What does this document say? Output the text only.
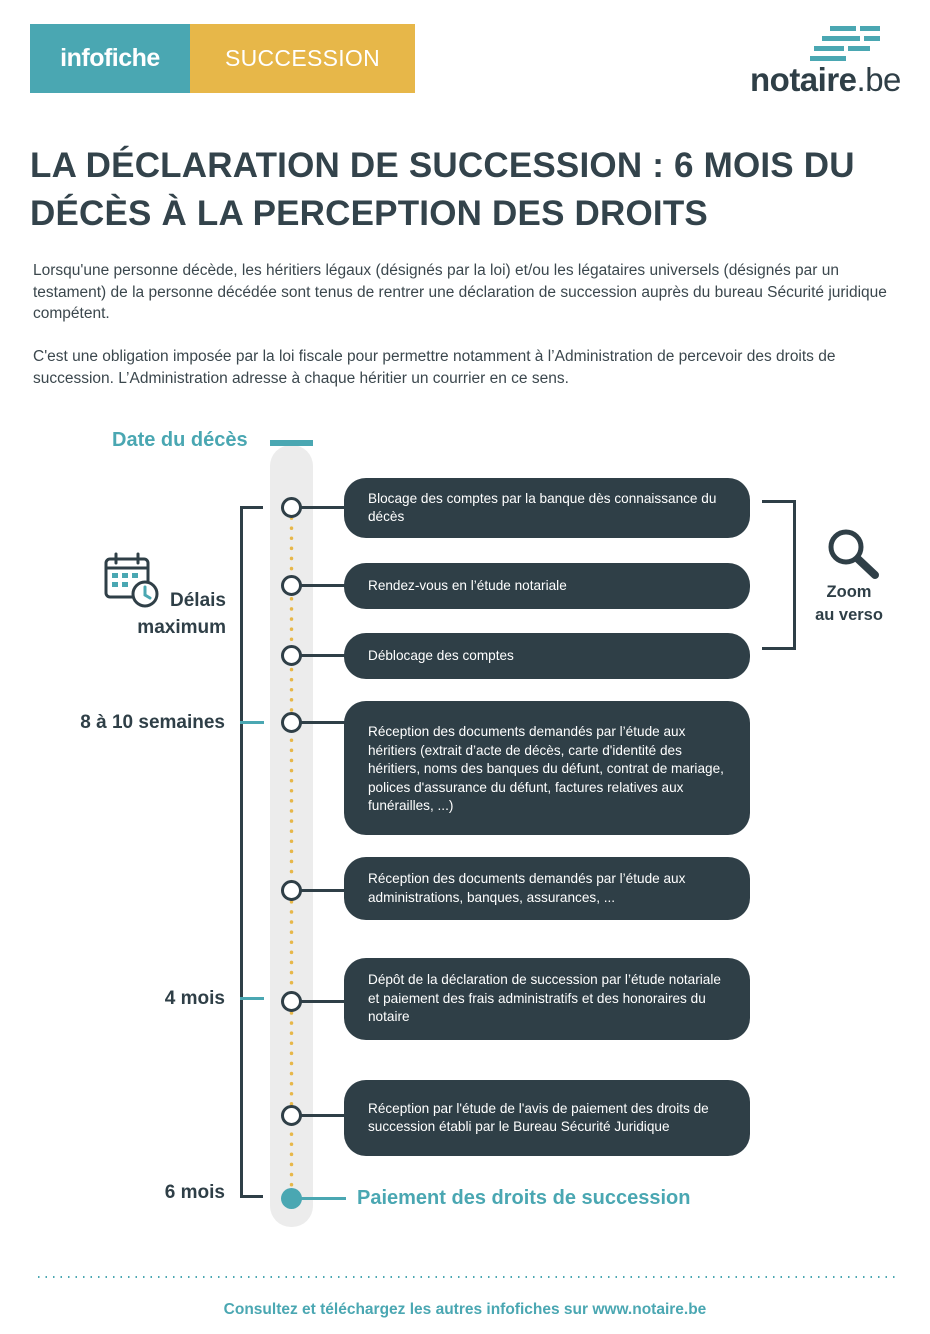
infofiche	SUCCESSION
notaire.be
LA DÉCLARATION DE SUCCESSION : 6 MOIS DU DÉCÈS À LA PERCEPTION DES DROITS

Lorsqu'une personne décède, les héritiers légaux (désignés par la loi) et/ou les légataires universels (désignés par un testament) de la personne décédée sont tenus de rentrer une déclaration de succession auprès du bureau Sécurité juridique compétent.

C'est une obligation imposée par la loi fiscale pour permettre notamment à l’Administration de percevoir des droits de succession. L’Administration adresse à chaque héritier un courrier en ce sens.

Date du décès
Délais
maximum
8 à 10 semaines
4 mois
6 mois
Blocage des comptes par la banque dès connaissance du décès
Rendez-vous en l’étude notariale
Déblocage des comptes
Réception des documents demandés par l’étude aux héritiers (extrait d’acte de décès, carte d'identité des héritiers, noms des banques du défunt, contrat de mariage, polices d'assurance du défunt, factures relatives aux funérailles, ...)
Réception des documents demandés par l’étude aux administrations, banques, assurances, ...
Dépôt de la déclaration de succession par l’étude notariale et paiement des frais administratifs et des honoraires du notaire
Réception par l'étude de l'avis de paiement des droits de succession établi par le Bureau Sécurité Juridique
Paiement des droits de succession
Zoom
au verso
Consultez et téléchargez les autres infofiches sur www.notaire.be
